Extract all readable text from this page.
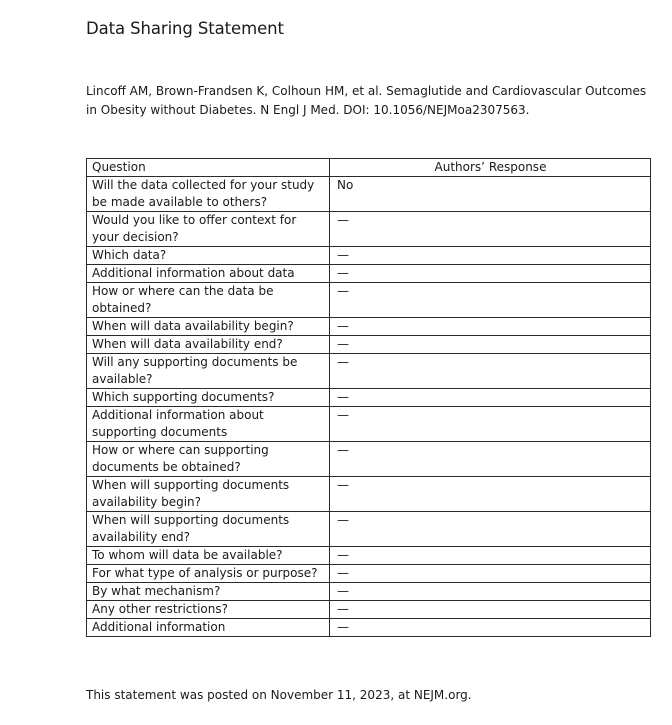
Data Sharing Statement
Lincoff AM, Brown-Frandsen K, Colhoun HM, et al. Semaglutide and Cardiovascular Outcomes in Obesity without Diabetes. N Engl J Med. DOI: 10.1056/NEJMoa2307563.
Question	Authors’ Response
Will the data collected for your study be made available to others?	No
Would you like to offer context for your decision?	—
Which data?	—
Additional information about data	—
How or where can the data be obtained?	—
When will data availability begin?	—
When will data availability end?	—
Will any supporting documents be available?	—
Which supporting documents?	—
Additional information about supporting documents	—
How or where can supporting documents be obtained?	—
When will supporting documents availability begin?	—
When will supporting documents availability end?	—
To whom will data be available?	—
For what type of analysis or purpose?	—
By what mechanism?	—
Any other restrictions?	—
Additional information	—
This statement was posted on November 11, 2023, at NEJM.org.
